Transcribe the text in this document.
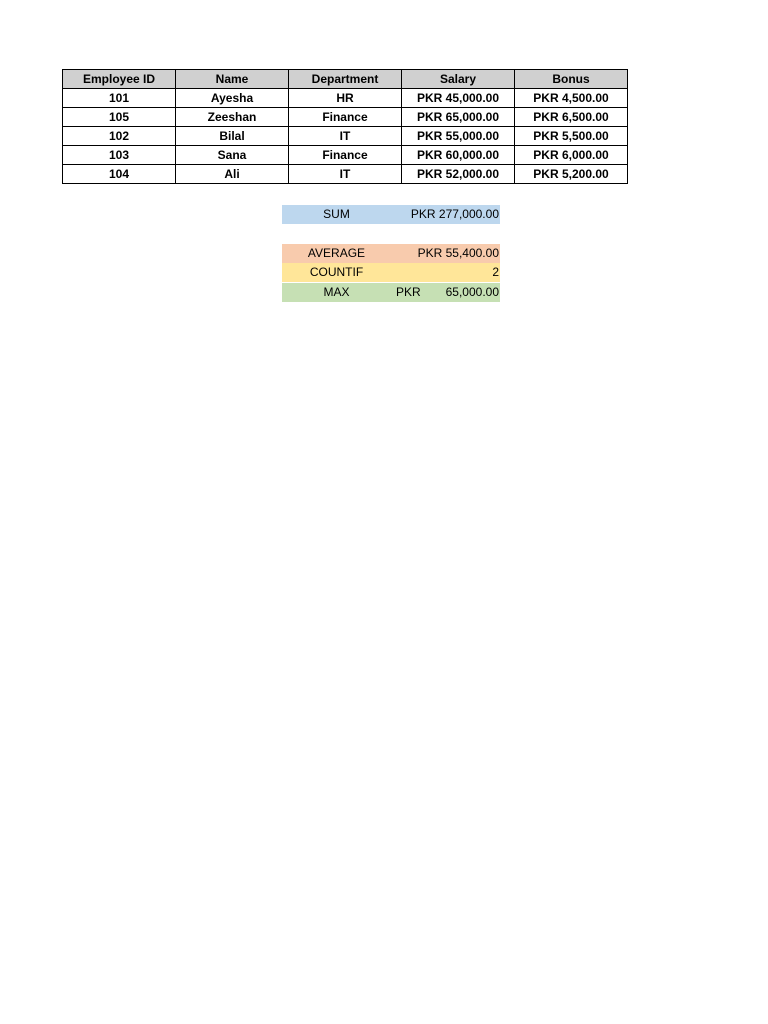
Employee ID	Name	Department	Salary	Bonus
101	Ayesha	HR	PKR 45,000.00	PKR 4,500.00
105	Zeeshan	Finance	PKR 65,000.00	PKR 6,500.00
102	Bilal	IT	PKR 55,000.00	PKR 5,500.00
103	Sana	Finance	PKR 60,000.00	PKR 6,000.00
104	Ali	IT	PKR 52,000.00	PKR 5,200.00
SUM	PKR 277,000.00
AVERAGE	PKR 55,400.00
COUNTIF	2
MAX	PKR 65,000.00
